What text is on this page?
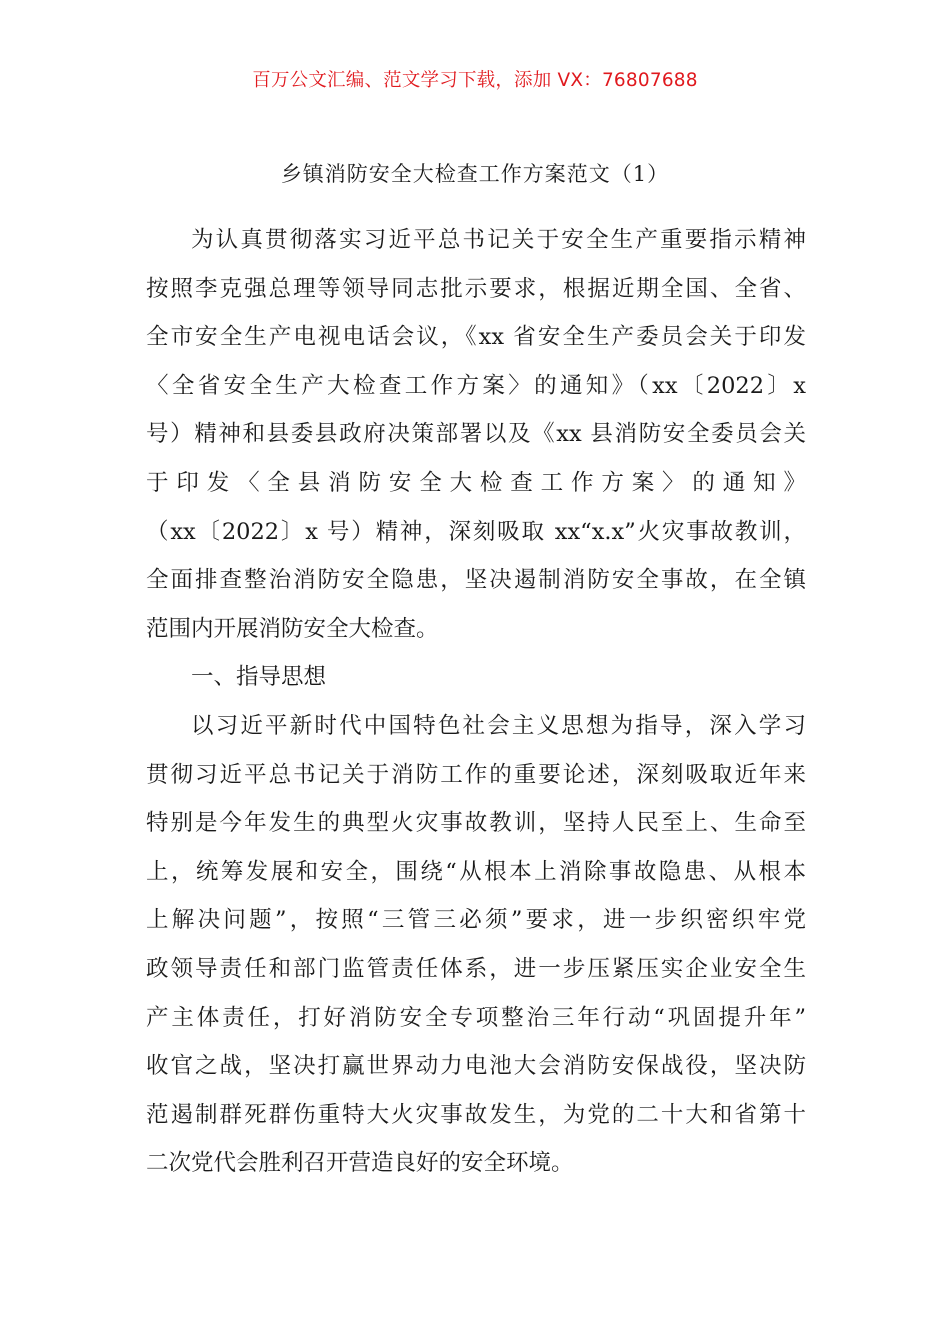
百万公文汇编、范文学习下载，添加 VX：76807688
乡镇消防安全大检查工作方案范文（1）
为认真贯彻落实习近平总书记关于安全生产重要指示精神
按照李克强总理等领导同志批示要求，根据近期全国、全省、
全市安全生产电视电话会议，《xx 省安全生产委员会关于印发
〈全省安全生产大检查工作方案〉的通知》（xx〔2022〕x
号）精神和县委县政府决策部署以及《xx 县消防安全委员会关
于印发〈全县消防安全大检查工作方案〉的通知》
（xx〔2022〕x 号）精神，深刻吸取 xx“x.x”火灾事故教训，
全面排查整治消防安全隐患，坚决遏制消防安全事故，在全镇
范围内开展消防安全大检查。
一、指导思想
以习近平新时代中国特色社会主义思想为指导，深入学习
贯彻习近平总书记关于消防工作的重要论述，深刻吸取近年来
特别是今年发生的典型火灾事故教训，坚持人民至上、生命至
上，统筹发展和安全，围绕“从根本上消除事故隐患、从根本
上解决问题”，按照“三管三必须”要求，进一步织密织牢党
政领导责任和部门监管责任体系，进一步压紧压实企业安全生
产主体责任，打好消防安全专项整治三年行动“巩固提升年”
收官之战，坚决打赢世界动力电池大会消防安保战役，坚决防
范遏制群死群伤重特大火灾事故发生，为党的二十大和省第十
二次党代会胜利召开营造良好的安全环境。
